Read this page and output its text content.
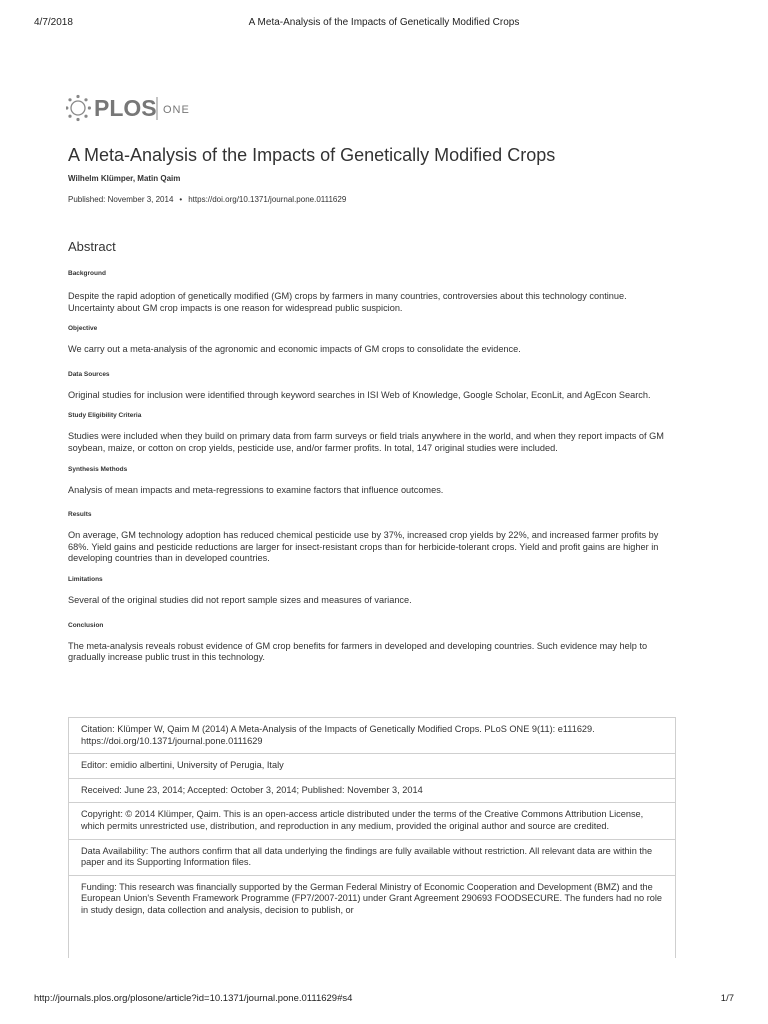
4/7/2018	A Meta-Analysis of the Impacts of Genetically Modified Crops
PLOS ONE
A Meta-Analysis of the Impacts of Genetically Modified Crops
Wilhelm Klümper, Matin Qaim
Published: November 3, 2014 • https://doi.org/10.1371/journal.pone.0111629
Abstract

Background

Despite the rapid adoption of genetically modified (GM) crops by farmers in many countries, controversies about this technology continue. Uncertainty about GM crop impacts is one reason for widespread public suspicion.

Objective

We carry out a meta-analysis of the agronomic and economic impacts of GM crops to consolidate the evidence.

Data Sources

Original studies for inclusion were identified through keyword searches in ISI Web of Knowledge, Google Scholar, EconLit, and AgEcon Search.

Study Eligibility Criteria

Studies were included when they build on primary data from farm surveys or field trials anywhere in the world, and when they report impacts of GM soybean, maize, or cotton on crop yields, pesticide use, and/or farmer profits. In total, 147 original studies were included.

Synthesis Methods

Analysis of mean impacts and meta-regressions to examine factors that influence outcomes.

Results

On average, GM technology adoption has reduced chemical pesticide use by 37%, increased crop yields by 22%, and increased farmer profits by 68%. Yield gains and pesticide reductions are larger for insect-resistant crops than for herbicide-tolerant crops. Yield and profit gains are higher in developing countries than in developed countries.

Limitations

Several of the original studies did not report sample sizes and measures of variance.

Conclusion

The meta-analysis reveals robust evidence of GM crop benefits for farmers in developed and developing countries. Such evidence may help to gradually increase public trust in this technology.

Citation: Klümper W, Qaim M (2014) A Meta-Analysis of the Impacts of Genetically Modified Crops. PLoS ONE 9(11): e111629. https://doi.org/10.1371/journal.pone.0111629
Editor: emidio albertini, University of Perugia, Italy
Received: June 23, 2014; Accepted: October 3, 2014; Published: November 3, 2014
Copyright: © 2014 Klümper, Qaim. This is an open-access article distributed under the terms of the Creative Commons Attribution License, which permits unrestricted use, distribution, and reproduction in any medium, provided the original author and source are credited.
Data Availability: The authors confirm that all data underlying the findings are fully available without restriction. All relevant data are within the paper and its Supporting Information files.
Funding: This research was financially supported by the German Federal Ministry of Economic Cooperation and Development (BMZ) and the European Union's Seventh Framework Programme (FP7/2007-2011) under Grant Agreement 290693 FOODSECURE. The funders had no role in study design, data collection and analysis, decision to publish, or
http://journals.plos.org/plosone/article?id=10.1371/journal.pone.0111629#s4	1/7
